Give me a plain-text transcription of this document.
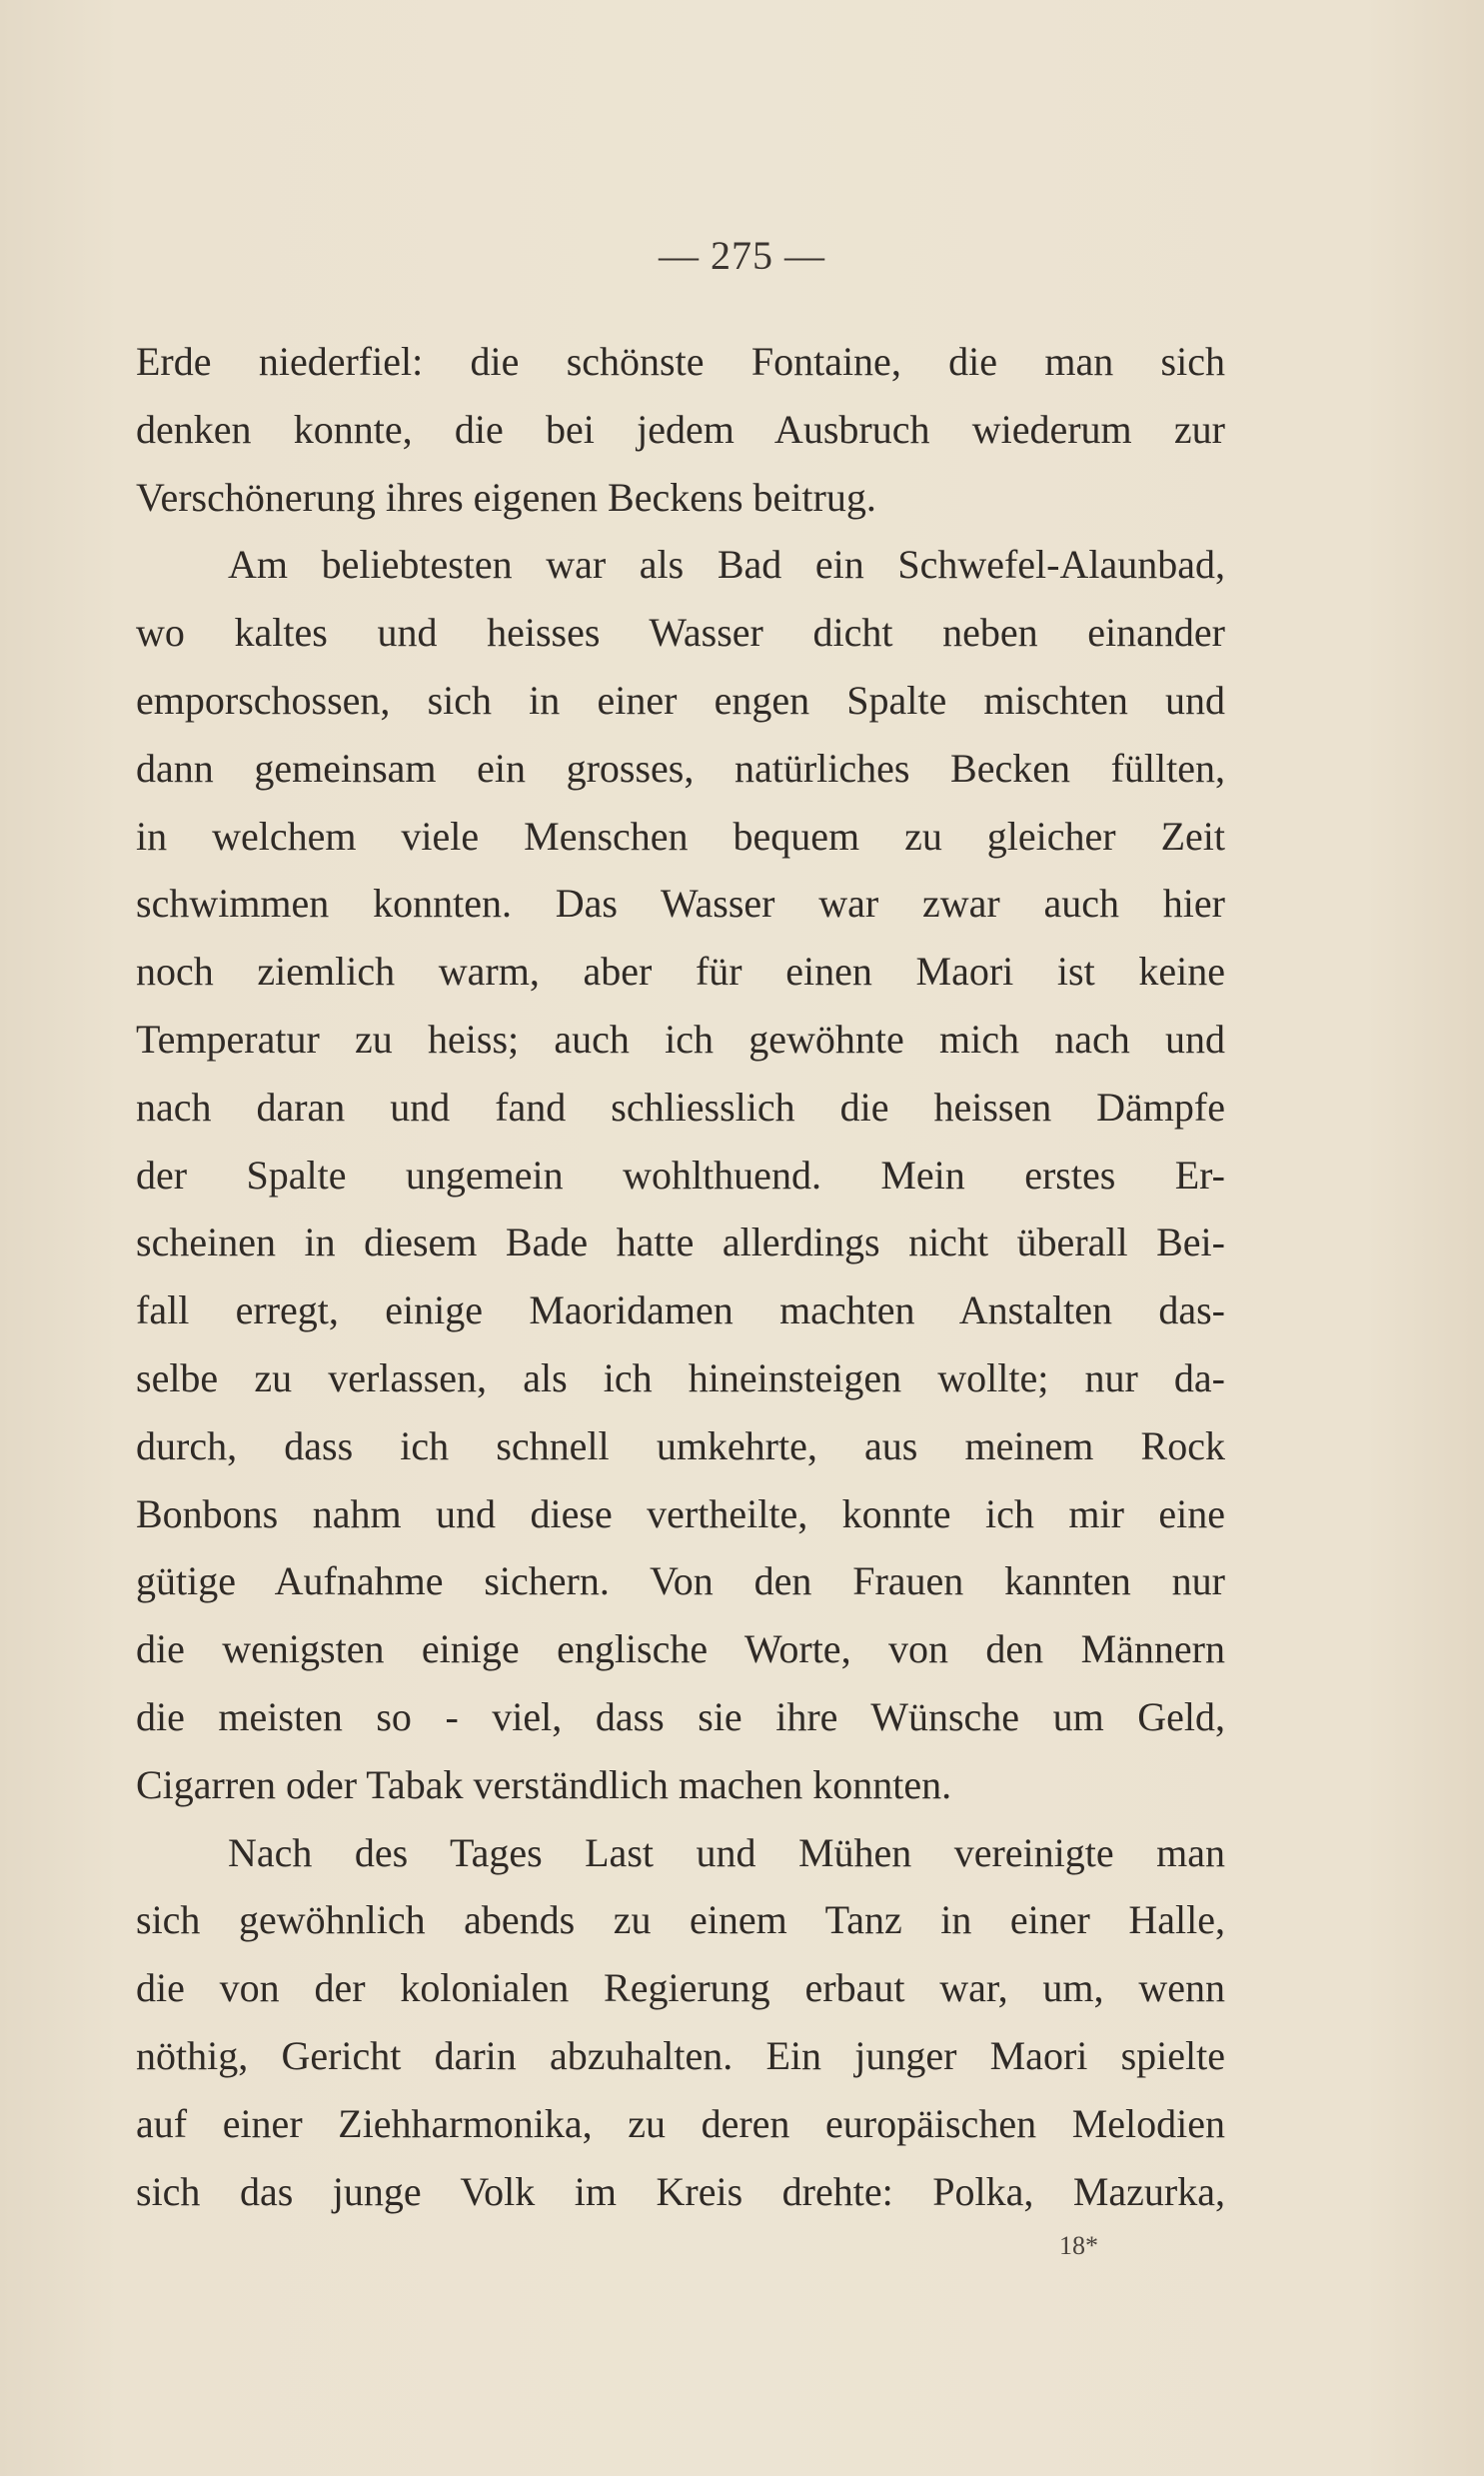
— 275 —
Erde niederfiel: die schönste Fontaine, die man sich
denken konnte, die bei jedem Ausbruch wiederum zur
Verschönerung ihres eigenen Beckens beitrug.
Am beliebtesten war als Bad ein Schwefel-Alaunbad,
wo kaltes und heisses Wasser dicht neben einander
emporschossen, sich in einer engen Spalte mischten und
dann gemeinsam ein grosses, natürliches Becken füllten,
in welchem viele Menschen bequem zu gleicher Zeit
schwimmen konnten. Das Wasser war zwar auch hier
noch ziemlich warm, aber für einen Maori ist keine
Temperatur zu heiss; auch ich gewöhnte mich nach und
nach daran und fand schliesslich die heissen Dämpfe
der Spalte ungemein wohlthuend. Mein erstes Er-
scheinen in diesem Bade hatte allerdings nicht überall Bei-
fall erregt, einige Maoridamen machten Anstalten das-
selbe zu verlassen, als ich hineinsteigen wollte; nur da-
durch, dass ich schnell umkehrte, aus meinem Rock
Bonbons nahm und diese vertheilte, konnte ich mir eine
gütige Aufnahme sichern. Von den Frauen kannten nur
die wenigsten einige englische Worte, von den Männern
die meisten so - viel, dass sie ihre Wünsche um Geld,
Cigarren oder Tabak verständlich machen konnten.
Nach des Tages Last und Mühen vereinigte man
sich gewöhnlich abends zu einem Tanz in einer Halle,
die von der kolonialen Regierung erbaut war, um, wenn
nöthig, Gericht darin abzuhalten. Ein junger Maori spielte
auf einer Ziehharmonika, zu deren europäischen Melodien
sich das junge Volk im Kreis drehte: Polka, Mazurka,
18*
